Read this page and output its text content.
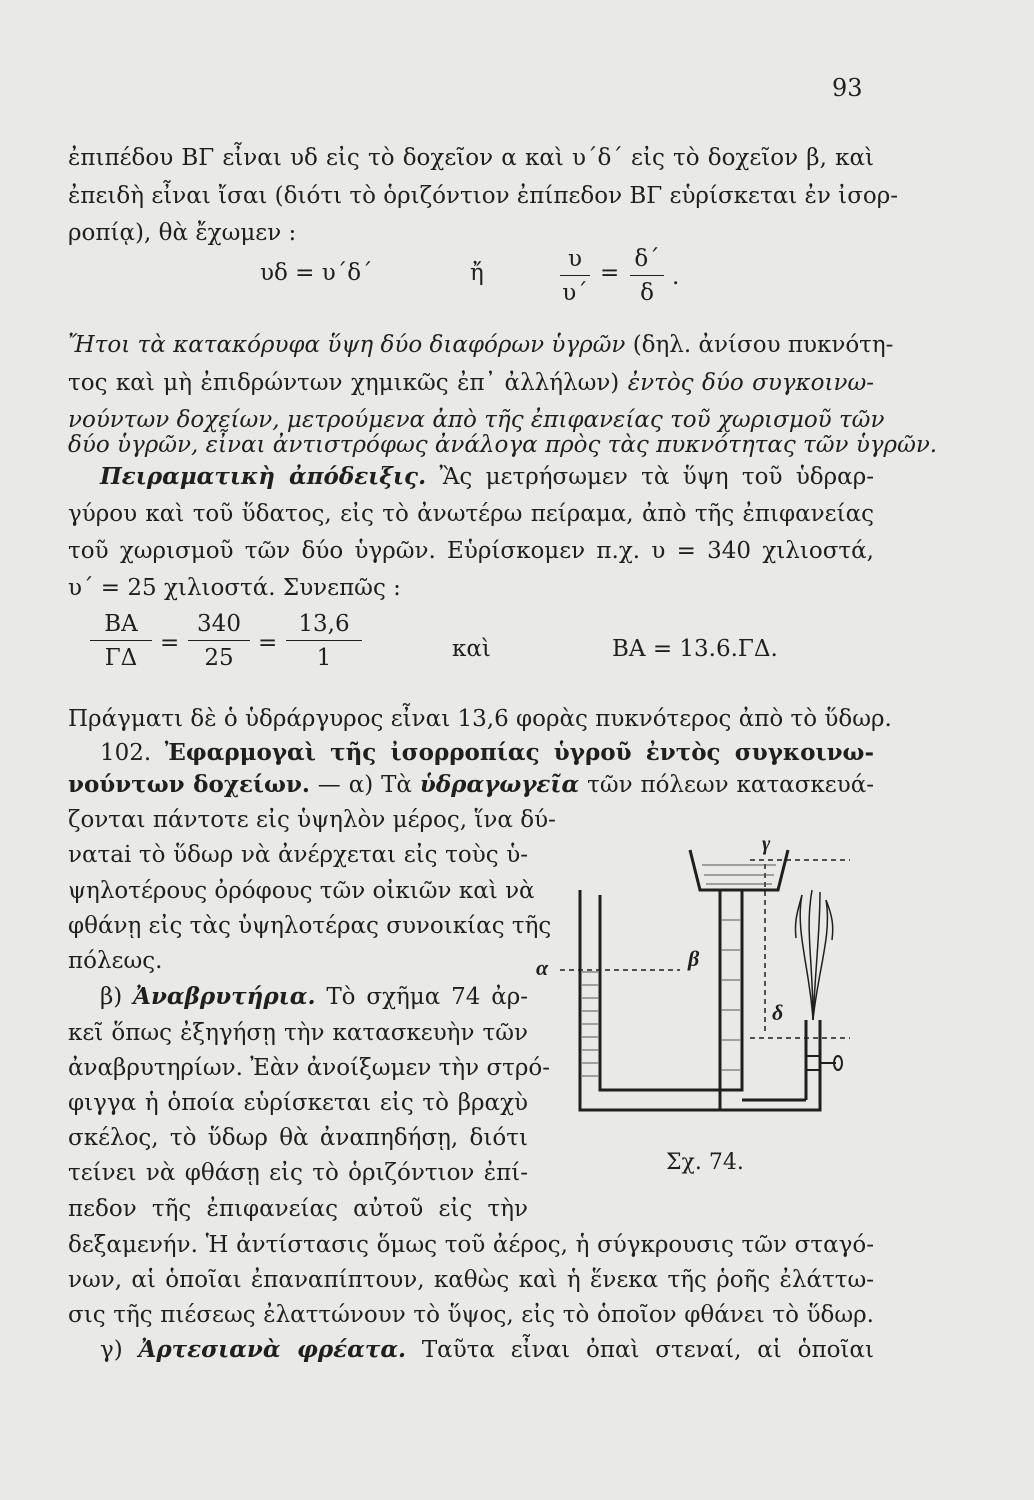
93
ἐπιπέδου ΒΓ εἶναι υδ εἰς τὸ δοχεῖον α καὶ υ΄δ΄ εἰς τὸ δοχεῖον β, καὶ
ἐπειδὴ εἶναι ἴσαι (διότι τὸ ὁριζόντιον ἐπίπεδον ΒΓ εὑρίσκεται ἐν ἰσορ-
ροπίᾳ), θὰ ἔχωμεν :
υδ = υ΄δ΄	ἤ	$\frac{\upsilon}{\upsilon΄} = \frac{\delta΄}{\delta}$ .
Ἤτοι τὰ κατακόρυφα ὕψη δύο διαφόρων ὑγρῶν (δηλ. ἀνίσου πυκνότη-
τος καὶ μὴ ἐπιδρώντων χημικῶς ἐπ᾿ ἀλλήλων) ἐντὸς δύο συγκοινω-
νούντων δοχείων, μετρούμενα ἀπὸ τῆς ἐπιφανείας τοῦ χωρισμοῦ τῶν
δύο ὑγρῶν, εἶναι ἀντιστρόφως ἀνάλογα πρὸς τὰς πυκνότητας τῶν ὑγρῶν.
Πειραματικὴ ἀπόδειξις. Ἂς μετρήσωμεν τὰ ὕψη τοῦ ὑδραρ-
γύρου καὶ τοῦ ὕδατος, εἰς τὸ ἀνωτέρω πείραμα, ἀπὸ τῆς ἐπιφανείας
τοῦ χωρισμοῦ τῶν δύο ὑγρῶν. Εὑρίσκομεν π.χ. υ = 340 χιλιοστά,
υ΄ = 25 χιλιοστά. Συνεπῶς :
$\frac{BA}{\Gamma\Delta} = \frac{340}{25} = \frac{13,6}{1}$	καὶ	ΒΑ = 13.6.ΓΔ.
Πράγματι δὲ ὁ ὑδράργυρος εἶναι 13,6 φορὰς πυκνότερος ἀπὸ τὸ ὕδωρ.
102. Ἐφαρμογαὶ τῆς ἰσορροπίας ὑγροῦ ἐντὸς συγκοινω-
νούντων δοχείων. — α) Τὰ ὑδραγωγεῖα τῶν πόλεων κατασκευά-
ζονται πάντοτε εἰς ὑψηλὸν μέρος, ἵνα δύ-
νατai τὸ ὕδωρ νὰ ἀνέρχεται εἰς τοὺς ὑ-
ψηλοτέρους ὀρόφους τῶν οἰκιῶν καὶ νὰ
φθάνῃ εἰς τὰς ὑψηλοτέρας συνοικίας τῆς
πόλεως.
β) Ἀναβρυτήρια. Τὸ σχῆμα 74 ἀρ-
κεῖ ὅπως ἐξηγήσῃ τὴν κατασκευὴν τῶν
ἀναβρυτηρίων. Ἐὰν ἀνοίξωμεν τὴν στρό-
φιγγα ἡ ὁποία εὑρίσκεται εἰς τὸ βραχὺ
σκέλος, τὸ ὕδωρ θὰ ἀναπηδήσῃ, διότι
τείνει νὰ φθάσῃ εἰς τὸ ὁριζόντιον ἐπί-
πεδον τῆς ἐπιφανείας αὐτοῦ εἰς τὴν
δεξαμενήν. Ἡ ἀντίστασις ὅμως τοῦ ἀέρος, ἡ σύγκρουσις τῶν σταγό-
νων, αἱ ὁποῖαι ἐπαναπίπτουν, καθὼς καὶ ἡ ἕνεκα τῆς ῥοῆς ἐλάττω-
σις τῆς πιέσεως ἐλαττώνουν τὸ ὕψος, εἰς τὸ ὁποῖον φθάνει τὸ ὕδωρ.
γ) Ἀρτεσιανὰ φρέατα. Ταῦτα εἶναι ὀπαὶ στεναί, αἱ ὁποῖαι
γ
α	β
δ
Σχ. 74.
